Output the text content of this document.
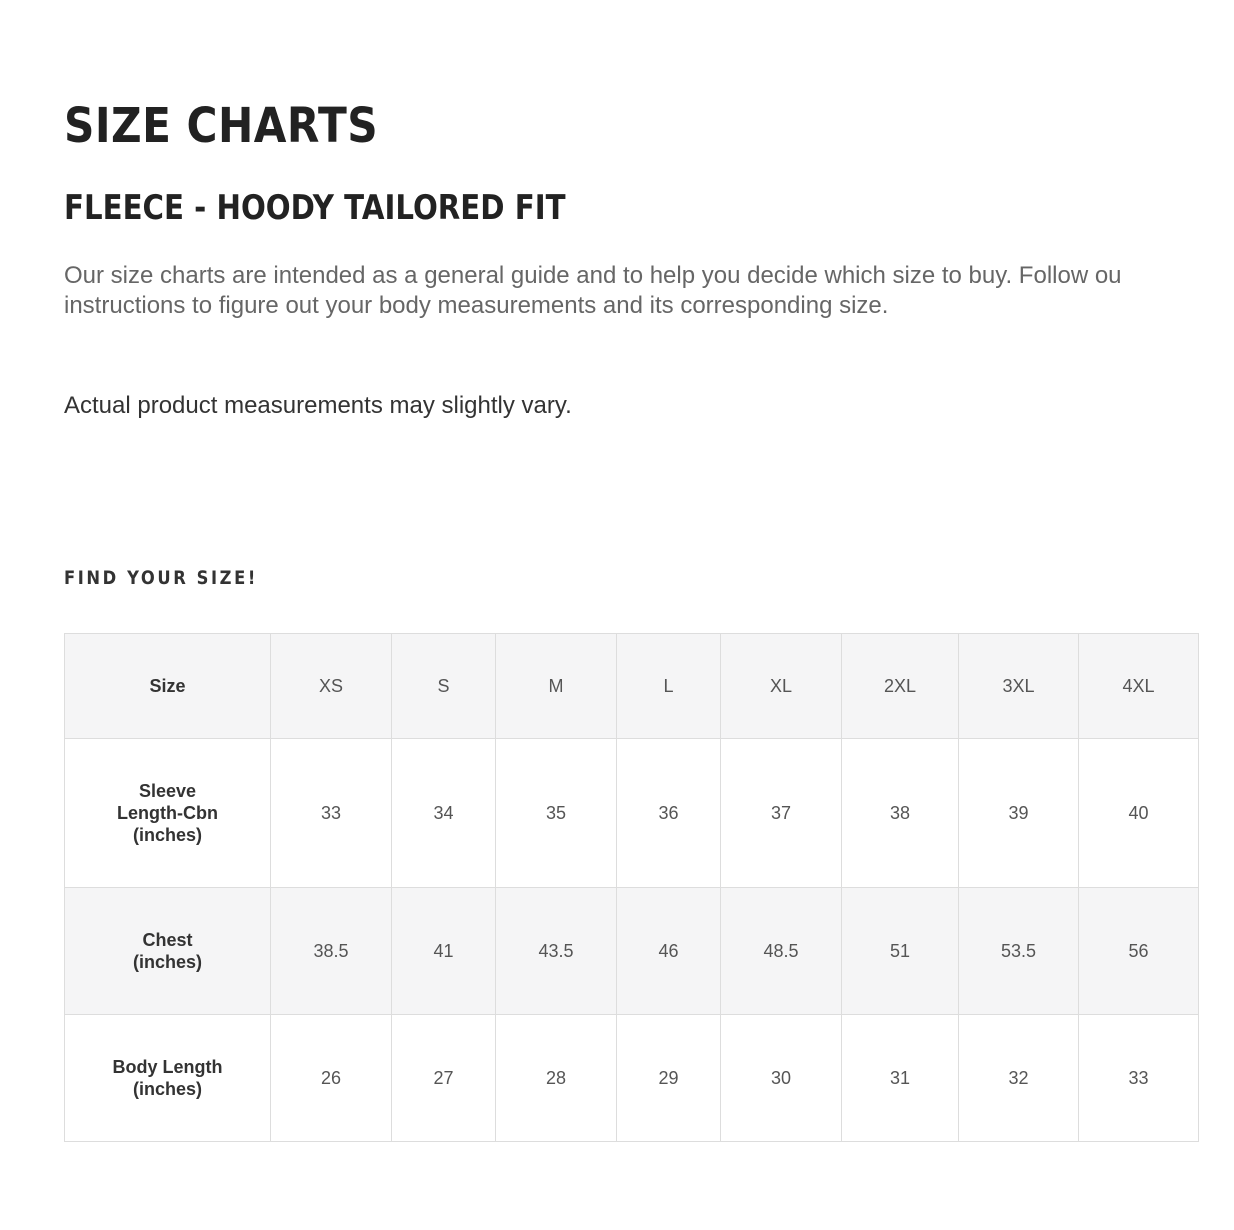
SIZE CHARTS
FLEECE - HOODY TAILORED FIT

Our size charts are intended as a general guide and to help you decide which size to buy. Follow ou
instructions to figure out your body measurements and its corresponding size.

Actual product measurements may slightly vary.

FIND YOUR SIZE!
Size	XS	S	M	L	XL	2XL	3XL	4XL

Sleeve
Length-Cbn
(inches)	33	34	35	36	37	38	39	40

Chest
(inches)	38.5	41	43.5	46	48.5	51	53.5	56

Body Length
(inches)	26	27	28	29	30	31	32	33
